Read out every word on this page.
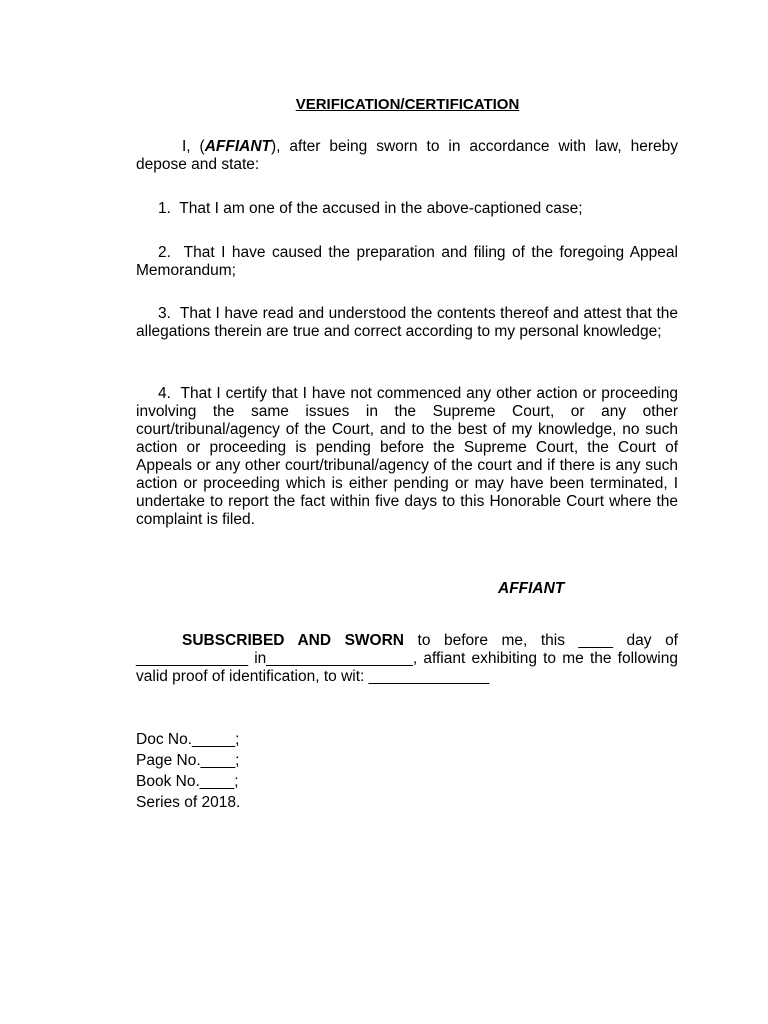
VERIFICATION/CERTIFICATION

I, (AFFIANT), after being sworn to in accordance with law, hereby depose and state:

1. That I am one of the accused in the above-captioned case;

2. That I have caused the preparation and filing of the foregoing Appeal Memorandum;

3. That I have read and understood the contents thereof and attest that the allegations therein are true and correct according to my personal knowledge;

4. That I certify that I have not commenced any other action or proceeding involving the same issues in the Supreme Court, or any other court/tribunal/agency of the Court, and to the best of my knowledge, no such action or proceeding is pending before the Supreme Court, the Court of Appeals or any other court/tribunal/agency of the court and if there is any such action or proceeding which is either pending or may have been terminated, I undertake to report the fact within five days to this Honorable Court where the complaint is filed.

AFFIANT

SUBSCRIBED AND SWORN to before me, this ____ day of _____________ in_________________, affiant exhibiting to me the following valid proof of identification, to wit: ______________

Doc No._____;
Page No.____;
Book No.____;
Series of 2018.
